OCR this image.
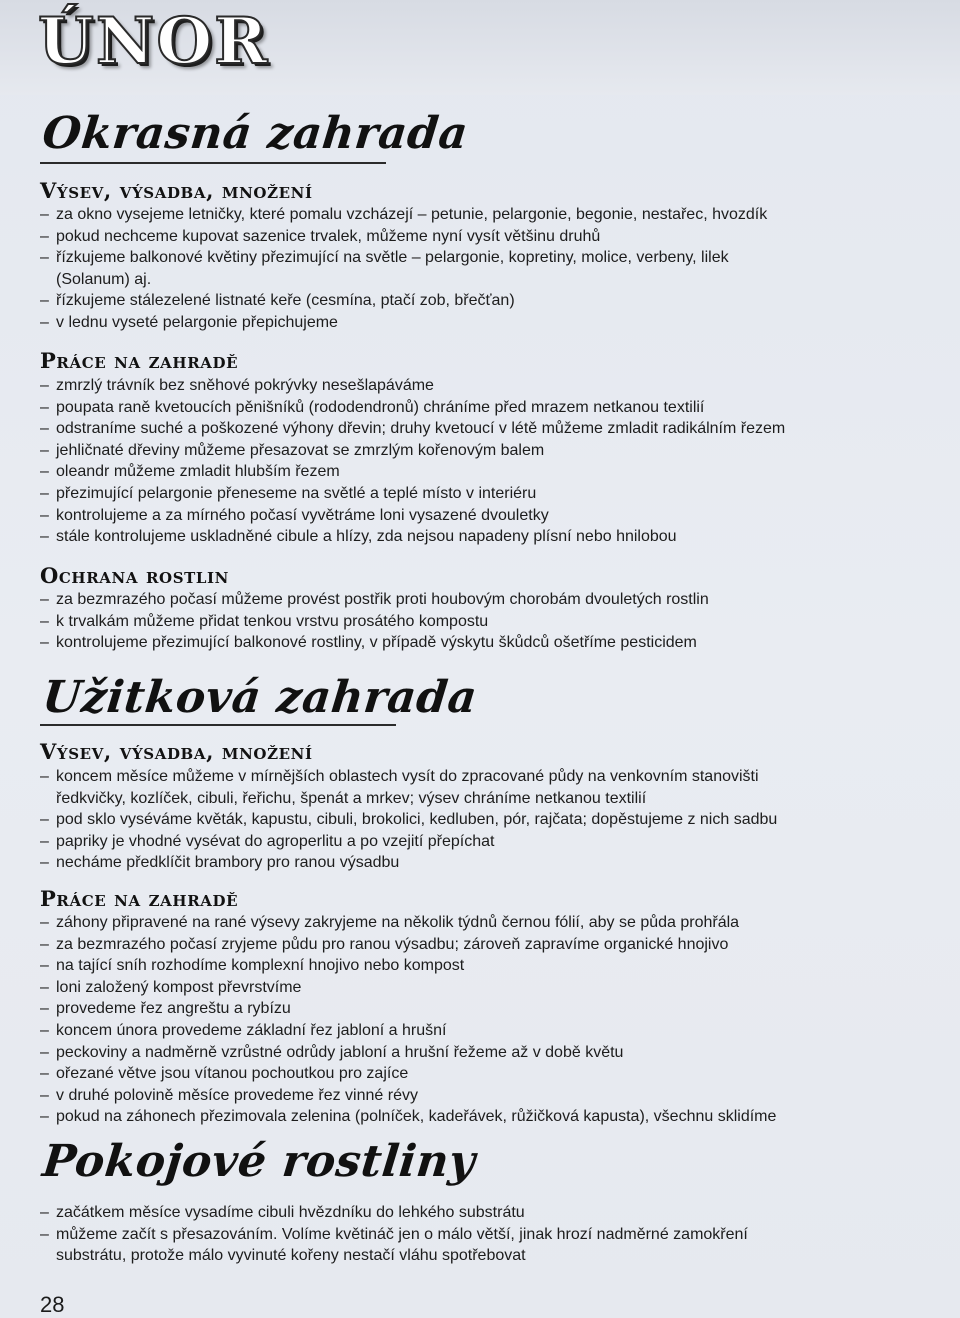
ÚNOR
Okrasná zahrada
Výsev, výsadba, množení
– za okno vysejeme letničky, které pomalu vzcházejí – petunie, pelargonie, begonie, nestařec, hvozdík
– pokud nechceme kupovat sazenice trvalek, můžeme nyní vysít většinu druhů
– řízkujeme balkonové květiny přezimující na světle – pelargonie, kopretiny, molice, verbeny, lilek
(Solanum) aj.
– řízkujeme stálezelené listnaté keře (cesmína, ptačí zob, břečťan)
– v lednu vyseté pelargonie přepichujeme
Práce na zahradě
– zmrzlý trávník bez sněhové pokrývky nesešlapáváme
– poupata raně kvetoucích pěnišníků (rododendronů) chráníme před mrazem netkanou textilií
– odstraníme suché a poškozené výhony dřevin; druhy kvetoucí v létě můžeme zmladit radikálním řezem
– jehličnaté dřeviny můžeme přesazovat se zmrzlým kořenovým balem
– oleandr můžeme zmladit hlubším řezem
– přezimující pelargonie přeneseme na světlé a teplé místo v interiéru
– kontrolujeme a za mírného počasí vyvětráme loni vysazené dvouletky
– stále kontrolujeme uskladněné cibule a hlízy, zda nejsou napadeny plísní nebo hnilobou
Ochrana rostlin
– za bezmrazého počasí můžeme provést postřik proti houbovým chorobám dvouletých rostlin
– k trvalkám můžeme přidat tenkou vrstvu prosátého kompostu
– kontrolujeme přezimující balkonové rostliny, v případě výskytu škůdců ošetříme pesticidem
Užitková zahrada
Výsev, výsadba, množení
– koncem měsíce můžeme v mírnějších oblastech vysít do zpracované půdy na venkovním stanovišti
ředkvičky, kozlíček, cibuli, řeřichu, špenát a mrkev; výsev chráníme netkanou textilií
– pod sklo vyséváme květák, kapustu, cibuli, brokolici, kedluben, pór, rajčata; dopěstujeme z nich sadbu
– papriky je vhodné vysévat do agroperlitu a po vzejití přepíchat
– necháme předklíčit brambory pro ranou výsadbu
Práce na zahradě
– záhony připravené na rané výsevy zakryjeme na několik týdnů černou fólií, aby se půda prohřála
– za bezmrazého počasí zryjeme půdu pro ranou výsadbu; zároveň zapravíme organické hnojivo
– na tající sníh rozhodíme komplexní hnojivo nebo kompost
– loni založený kompost převrstvíme
– provedeme řez angreštu a rybízu
– koncem února provedeme základní řez jabloní a hrušní
– peckoviny a nadměrně vzrůstné odrůdy jabloní a hrušní řežeme až v době květu
– ořezané větve jsou vítanou pochoutkou pro zajíce
– v druhé polovině měsíce provedeme řez vinné révy
– pokud na záhonech přezimovala zelenina (polníček, kadeřávek, růžičková kapusta), všechnu sklidíme
Pokojové rostliny
– začátkem měsíce vysadíme cibuli hvězdníku do lehkého substrátu
– můžeme začít s přesazováním. Volíme květináč jen o málo větší, jinak hrozí nadměrné zamokření
substrátu, protože málo vyvinuté kořeny nestačí vláhu spotřebovat
28
